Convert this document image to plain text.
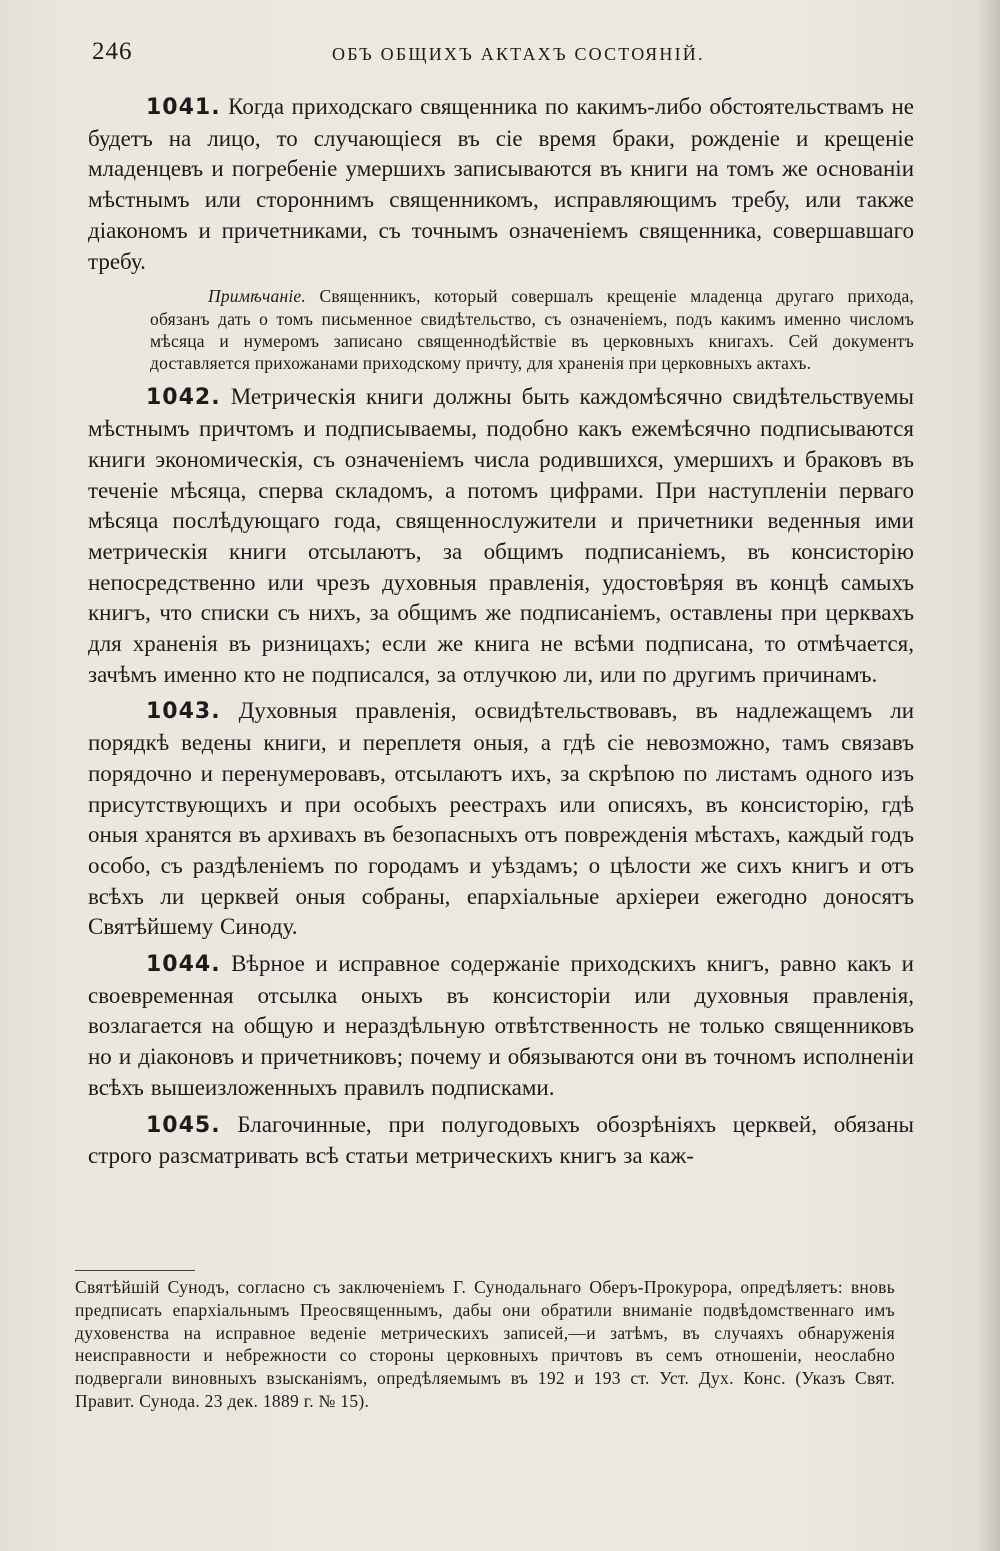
246	ОБЪ ОБЩИХЪ АКТАХЪ СОСТОЯНIЙ.

1041. Когда приходскаго священника по какимъ-либо обстоятельствамъ не будетъ на лицо, то случающiеся въ сiе время браки, рожденiе и крещенiе младенцевъ и погребенiе умершихъ записываются въ книги на томъ же основанiи мѣстнымъ или стороннимъ священникомъ, исправляющимъ требу, или также дiакономъ и причетниками, съ точнымъ означенiемъ священника, совершавшаго требу.

Примѣчанiе. Священникъ, который совершалъ крещенiе младенца другаго прихода, обязанъ дать о томъ письменное свидѣтельство, съ означенiемъ, подъ какимъ именно числомъ мѣсяца и нумеромъ записано священнодѣйствiе въ церковныхъ книгахъ. Сей документъ доставляется прихожанами приходскому причту, для храненiя при церковныхъ актахъ.

1042. Метрическiя книги должны быть каждомѣсячно свидѣтельствуемы мѣстнымъ причтомъ и подписываемы, подобно какъ ежемѣсячно подписываются книги экономическiя, съ означенiемъ числа родившихся, умершихъ и браковъ въ теченiе мѣсяца, сперва складомъ, а потомъ цифрами. При наступленiи перваго мѣсяца послѣдующаго года, священнослужители и причетники веденныя ими метрическiя книги отсылаютъ, за общимъ подписанiемъ, въ консисторiю непосредственно или чрезъ духовныя правленiя, удостовѣряя въ концѣ самыхъ книгъ, что списки съ нихъ, за общимъ же подписанiемъ, оставлены при церквахъ для храненiя въ ризницахъ; если же книга не всѣми подписана, то отмѣчается, зачѣмъ именно кто не подписался, за отлучкою ли, или по другимъ причинамъ.

1043. Духовныя правленiя, освидѣтельствовавъ, въ надлежащемъ ли порядкѣ ведены книги, и переплетя оныя, а гдѣ сiе невозможно, тамъ связавъ порядочно и перенумеровавъ, отсылаютъ ихъ, за скрѣпою по листамъ одного изъ присутствующихъ и при особыхъ реестрахъ или описяхъ, въ консисторiю, гдѣ оныя хранятся въ архивахъ въ безопасныхъ отъ поврежденiя мѣстахъ, каждый годъ особо, съ раздѣленiемъ по городамъ и уѣздамъ; о цѣлости же сихъ книгъ и отъ всѣхъ ли церквей оныя собраны, епархiальные архiереи ежегодно доносятъ Святѣйшему Синоду.

1044. Вѣрное и исправное содержанiе приходскихъ книгъ, равно какъ и своевременная отсылка оныхъ въ консисторiи или духовныя правленiя, возлагается на общую и нераздѣльную отвѣтственность не только священниковъ но и дiаконовъ и причетниковъ; почему и обязываются они въ точномъ исполненiи всѣхъ вышеизложенныхъ правилъ подписками.

1045. Благочинные, при полугодовыхъ обозрѣнiяхъ церквей, обязаны строго разсматривать всѣ статьи метрическихъ книгъ за каж-

Святѣйшiй Сунодъ, согласно съ заключенiемъ Г. Сунодальнаго Оберъ-Прокурора, опредѣляетъ: вновь предписать епархiальнымъ Преосвященнымъ, дабы они обратили вниманiе подвѣдомственнаго имъ духовенства на исправное веденiе метрическихъ записей,—и затѣмъ, въ случаяхъ обнаруженiя неисправности и небрежности со стороны церковныхъ причтовъ въ семъ отношенiи, неослабно подвергали виновныхъ взысканiямъ, опредѣляемымъ въ 192 и 193 ст. Уст. Дух. Конс. (Указъ Свят. Правит. Сунода. 23 дек. 1889 г. № 15).
